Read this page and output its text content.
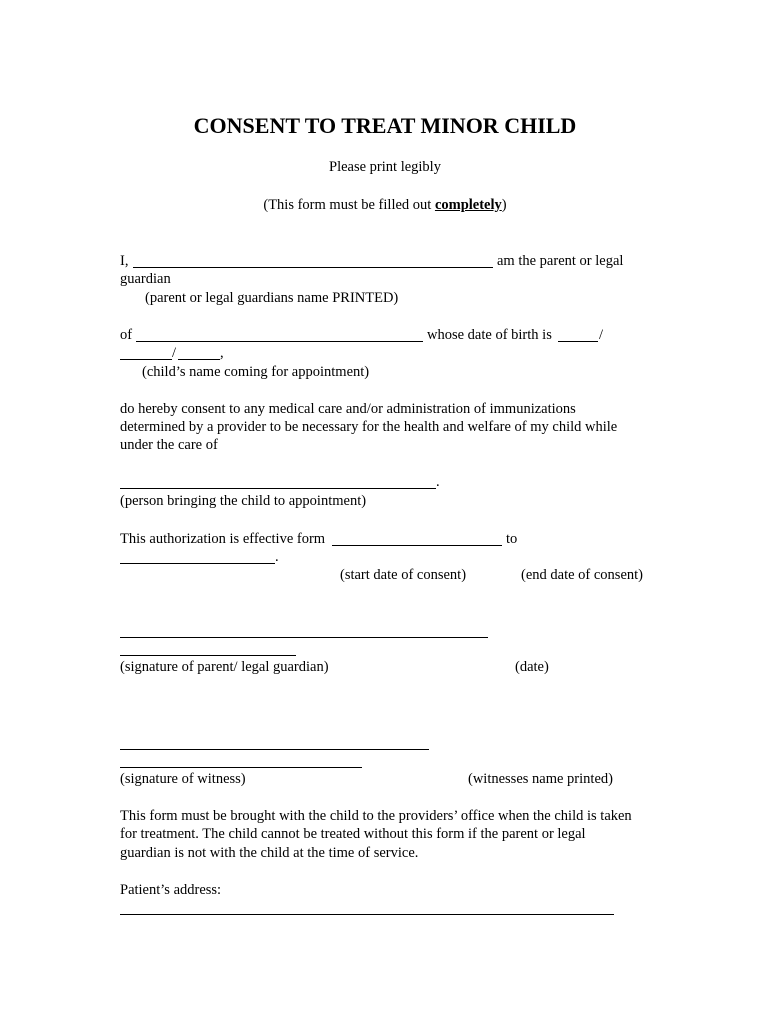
CONSENT TO TREAT MINOR CHILD
Please print legibly
(This form must be filled out completely)
I,	am the parent or legal
guardian
(parent or legal guardians name PRINTED)
of	whose date of birth is	/
/	,
(child’s name coming for appointment)
do hereby consent to any medical care and/or administration of immunizations
determined by a provider to be necessary for the health and welfare of my child while
under the care of
.
(person bringing the child to appointment)
This authorization is effective form	to
.
(start date of consent)	(end date of consent)
(signature of parent/ legal guardian)	(date)
(signature of witness)	(witnesses name printed)
This form must be brought with the child to the providers’ office when the child is taken
for treatment. The child cannot be treated without this form if the parent or legal
guardian is not with the child at the time of service.
Patient’s address:
